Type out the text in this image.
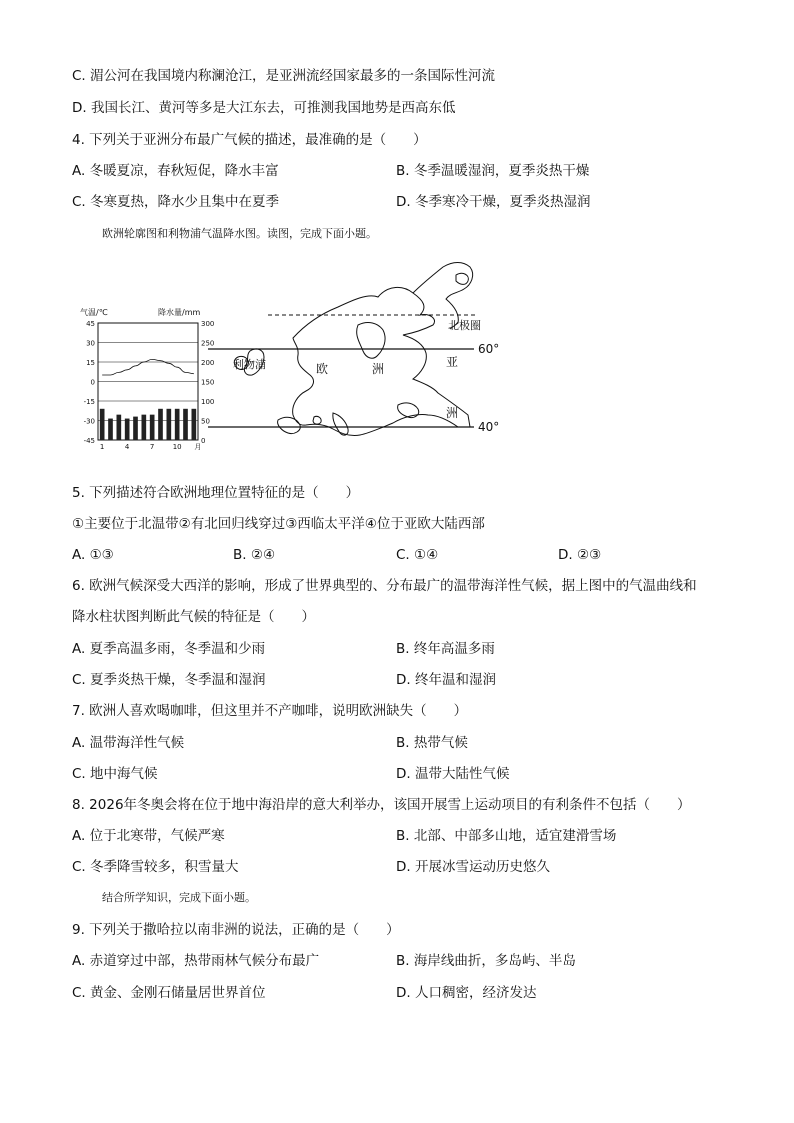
C. 湄公河在我国境内称澜沧江，是亚洲流经国家最多的一条国际性河流
D. 我国长江、黄河等多是大江东去，可推测我国地势是西高东低
4. 下列关于亚洲分布最广气候的描述，最准确的是（　　）
A. 冬暖夏凉，春秋短促，降水丰富	B. 冬季温暖湿润，夏季炎热干燥
C. 冬寒夏热，降水少且集中在夏季	D. 冬季寒冷干燥，夏季炎热湿润
欧洲轮廓图和利物浦气温降水图。读图，完成下面小题。
气温/℃	降水量/mm
45
30
15
0
-15
-30
-45
300
250
200
150
100
50
0
1	4	7	10 月
北极圈
60°
40°
利物浦	欧	洲	亚
洲
5. 下列描述符合欧洲地理位置特征的是（　　）
①主要位于北温带②有北回归线穿过③西临太平洋④位于亚欧大陆西部
A. ①③	B. ②④	C. ①④	D. ②③
6. 欧洲气候深受大西洋的影响，形成了世界典型的、分布最广的温带海洋性气候，据上图中的气温曲线和
降水柱状图判断此气候的特征是（　　）
A. 夏季高温多雨，冬季温和少雨	B. 终年高温多雨
C. 夏季炎热干燥，冬季温和湿润	D. 终年温和湿润
7. 欧洲人喜欢喝咖啡，但这里并不产咖啡，说明欧洲缺失（　　）
A. 温带海洋性气候	B. 热带气候
C. 地中海气候	D. 温带大陆性气候
8. 2026年冬奥会将在位于地中海沿岸的意大利举办，该国开展雪上运动项目的有利条件不包括（　　）
A. 位于北寒带，气候严寒	B. 北部、中部多山地，适宜建滑雪场
C. 冬季降雪较多，积雪量大	D. 开展冰雪运动历史悠久
结合所学知识，完成下面小题。
9. 下列关于撒哈拉以南非洲的说法，正确的是（　　）
A. 赤道穿过中部，热带雨林气候分布最广	B. 海岸线曲折，多岛屿、半岛
C. 黄金、金刚石储量居世界首位	D. 人口稠密，经济发达
